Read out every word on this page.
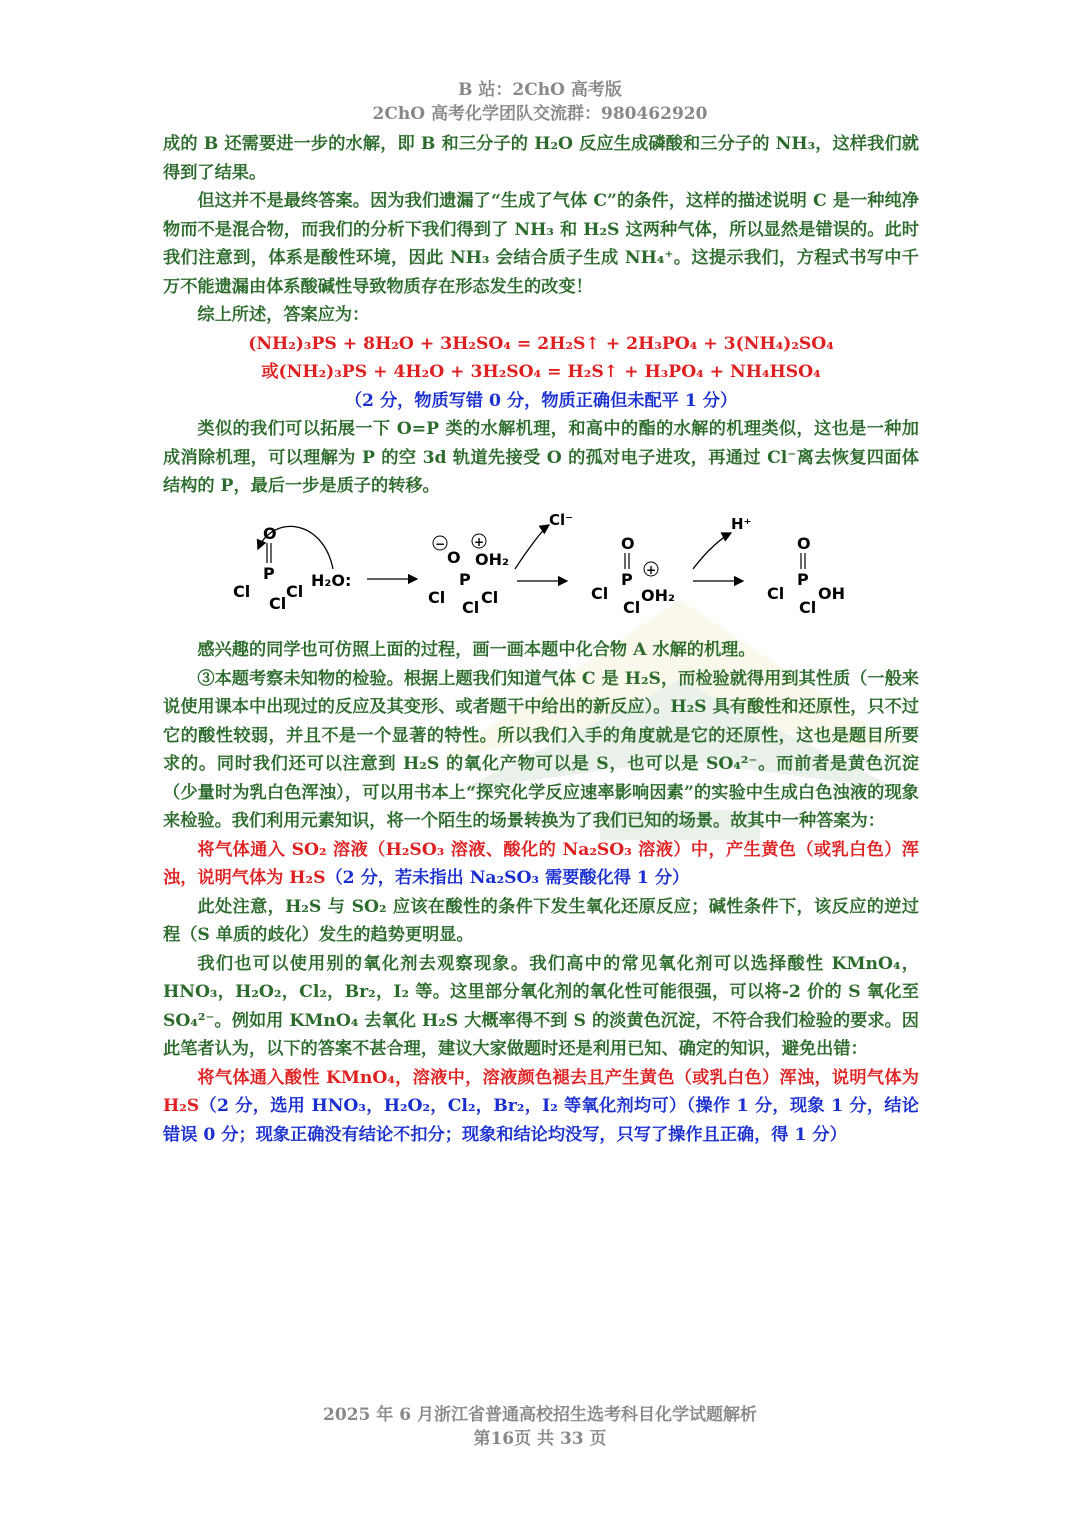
B 站：2ChO 高考版
2ChO 高考化学团队交流群：980462920

成的 B 还需要进一步的水解，即 B 和三分子的 H₂O 反应生成磷酸和三分子的 NH₃，这样我们就得到了结果。

但这并不是最终答案。因为我们遗漏了“生成了气体 C”的条件，这样的描述说明 C 是一种纯净物而不是混合物，而我们的分析下我们得到了 NH₃ 和 H₂S 这两种气体，所以显然是错误的。此时我们注意到，体系是酸性环境，因此 NH₃ 会结合质子生成 NH₄⁺。这提示我们，方程式书写中千万不能遗漏由体系酸碱性导致物质存在形态发生的改变！

综上所述，答案应为：

(NH₂)₃PS + 8H₂O + 3H₂SO₄ = 2H₂S↑ + 2H₃PO₄ + 3(NH₄)₂SO₄

或(NH₂)₃PS + 4H₂O + 3H₂SO₄ = H₂S↑ + H₃PO₄ + NH₄HSO₄

（2 分，物质写错 0 分，物质正确但未配平 1 分）

类似的我们可以拓展一下 O=P 类的水解机理，和高中的酯的水解的机理类似，这也是一种加成消除机理，可以理解为 P 的空 3d 轨道先接受 O 的孤对电子进攻，再通过 Cl⁻离去恢复四面体结构的 P，最后一步是质子的转移。

O
P
Cl Cl
Cl
H₂O:
−
O
+
OH₂
P
Cl Cl
Cl
Cl⁻
O
P +
Cl OH₂
Cl
H⁺
O
P
Cl OH
Cl

感兴趣的同学也可仿照上面的过程，画一画本题中化合物 A 水解的机理。

③本题考察未知物的检验。根据上题我们知道气体 C 是 H₂S，而检验就得用到其性质（一般来说使用课本中出现过的反应及其变形、或者题干中给出的新反应）。H₂S 具有酸性和还原性，只不过它的酸性较弱，并且不是一个显著的特性。所以我们入手的角度就是它的还原性，这也是题目所要求的。同时我们还可以注意到 H₂S 的氧化产物可以是 S，也可以是 SO₄²⁻。而前者是黄色沉淀（少量时为乳白色浑浊），可以用书本上“探究化学反应速率影响因素”的实验中生成白色浊液的现象来检验。我们利用元素知识，将一个陌生的场景转换为了我们已知的场景。故其中一种答案为：

将气体通入 SO₂ 溶液（H₂SO₃ 溶液、酸化的 Na₂SO₃ 溶液）中，产生黄色（或乳白色）浑浊，说明气体为 H₂S（2 分，若未指出 Na₂SO₃ 需要酸化得 1 分）

此处注意，H₂S 与 SO₂ 应该在酸性的条件下发生氧化还原反应；碱性条件下，该反应的逆过程（S 单质的歧化）发生的趋势更明显。

我们也可以使用别的氧化剂去观察现象。我们高中的常见氧化剂可以选择酸性 KMnO₄，HNO₃，H₂O₂，Cl₂，Br₂，I₂ 等。这里部分氧化剂的氧化性可能很强，可以将-2 价的 S 氧化至 SO₄²⁻。例如用 KMnO₄ 去氧化 H₂S 大概率得不到 S 的淡黄色沉淀，不符合我们检验的要求。因此笔者认为，以下的答案不甚合理，建议大家做题时还是利用已知、确定的知识，避免出错：

将气体通入酸性 KMnO₄，溶液中，溶液颜色褪去且产生黄色（或乳白色）浑浊，说明气体为 H₂S（2 分，选用 HNO₃，H₂O₂，Cl₂，Br₂，I₂ 等氧化剂均可）（操作 1 分，现象 1 分，结论错误 0 分；现象正确没有结论不扣分；现象和结论均没写，只写了操作且正确，得 1 分）

2025 年 6 月浙江省普通高校招生选考科目化学试题解析
第16页 共 33 页
